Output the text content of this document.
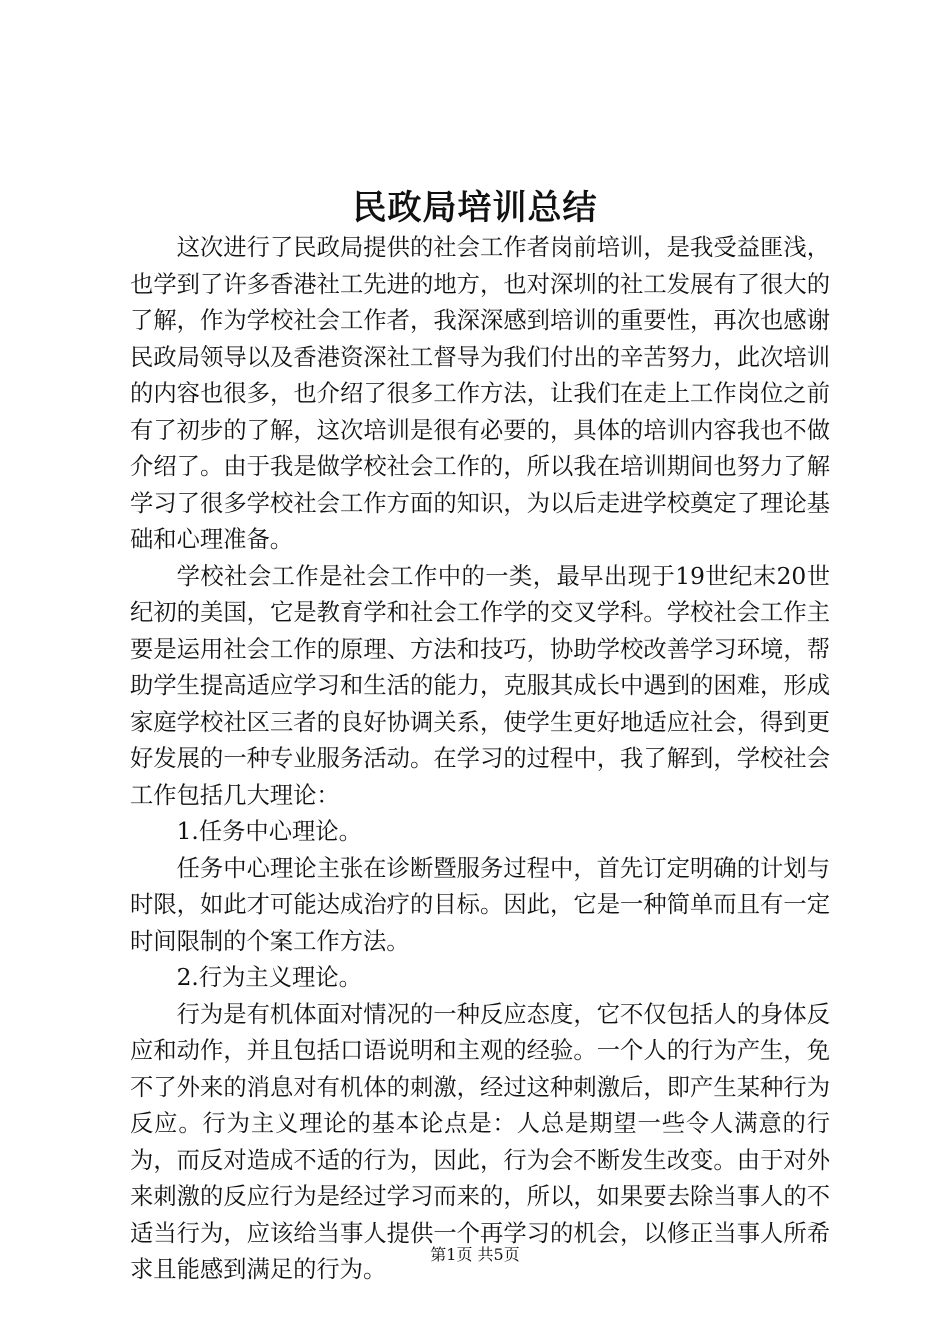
民政局培训总结

这次进行了民政局提供的社会工作者岗前培训，是我受益匪浅，也学到了许多香港社工先进的地方，也对深圳的社工发展有了很大的了解，作为学校社会工作者，我深深感到培训的重要性，再次也感谢民政局领导以及香港资深社工督导为我们付出的辛苦努力，此次培训的内容也很多，也介绍了很多工作方法，让我们在走上工作岗位之前有了初步的了解，这次培训是很有必要的，具体的培训内容我也不做介绍了。由于我是做学校社会工作的，所以我在培训期间也努力了解学习了很多学校社会工作方面的知识，为以后走进学校奠定了理论基础和心理准备。

学校社会工作是社会工作中的一类，最早出现于19世纪末20世纪初的美国，它是教育学和社会工作学的交叉学科。学校社会工作主要是运用社会工作的原理、方法和技巧，协助学校改善学习环境，帮助学生提高适应学习和生活的能力，克服其成长中遇到的困难，形成家庭学校社区三者的良好协调关系，使学生更好地适应社会，得到更好发展的一种专业服务活动。在学习的过程中，我了解到，学校社会工作包括几大理论：

1.任务中心理论。

任务中心理论主张在诊断暨服务过程中，首先订定明确的计划与时限，如此才可能达成治疗的目标。因此，它是一种简单而且有一定时间限制的个案工作方法。

2.行为主义理论。

行为是有机体面对情况的一种反应态度，它不仅包括人的身体反应和动作，并且包括口语说明和主观的经验。一个人的行为产生，免不了外来的消息对有机体的刺激，经过这种刺激后，即产生某种行为反应。行为主义理论的基本论点是：人总是期望一些令人满意的行为，而反对造成不适的行为，因此，行为会不断发生改变。由于对外来刺激的反应行为是经过学习而来的，所以，如果要去除当事人的不适当行为，应该给当事人提供一个再学习的机会，以修正当事人所希求且能感到满足的行为。

第1页 共5页
